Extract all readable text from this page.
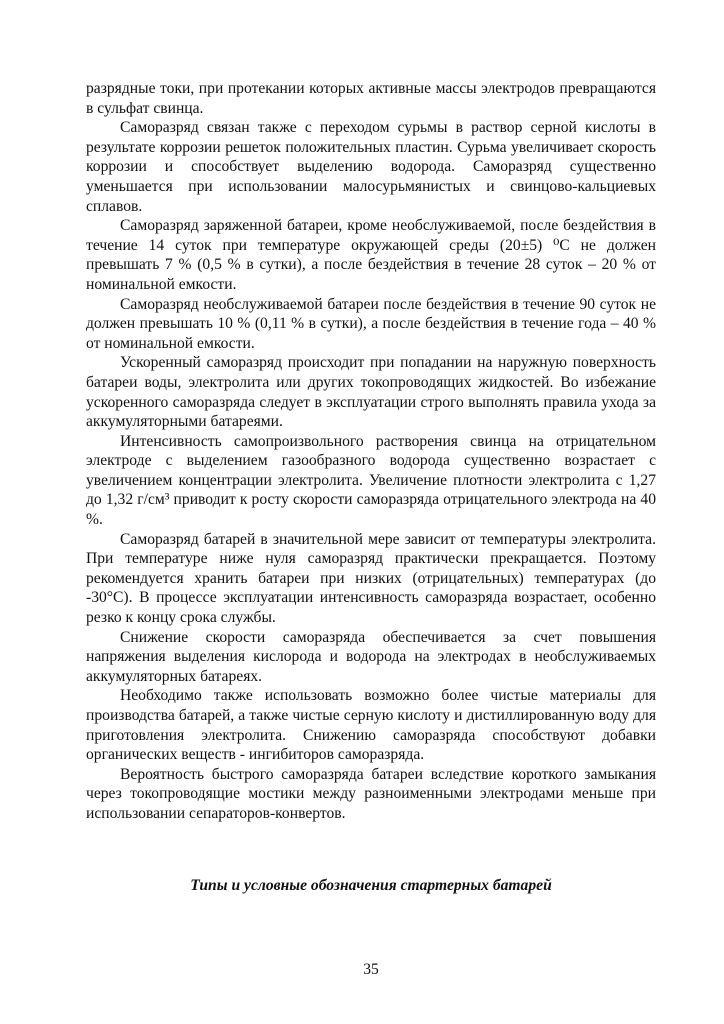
разрядные токи, при протекании которых активные массы электродов превращаются в сульфат свинца.

Саморазряд связан также с переходом сурьмы в раствор серной кислоты в результате коррозии решеток положительных пластин. Сурьма увеличивает скорость коррозии и способствует выделению водорода. Саморазряд существенно уменьшается при использовании малосурьмянистых и свинцово-кальциевых сплавов.

Саморазряд заряженной батареи, кроме необслуживаемой, после бездействия в течение 14 суток при температуре окружающей среды (20±5) ⁰С не должен превышать 7 % (0,5 % в сутки), а после бездействия в течение 28 суток – 20 % от номинальной емкости.

Саморазряд необслуживаемой батареи после бездействия в течение 90 суток не должен превышать 10 % (0,11 % в сутки), а после бездействия в течение года – 40 % от номинальной емкости.

Ускоренный саморазряд происходит при попадании на наружную поверхность батареи воды, электролита или других токопроводящих жидкостей. Во избежание ускоренного саморазряда следует в эксплуатации строго выполнять правила ухода за аккумуляторными батареями.

Интенсивность самопроизвольного растворения свинца на отрицательном электроде с выделением газообразного водорода существенно возрастает с увеличением концентрации электролита. Увеличение плотности электролита с 1,27 до 1,32 г/см³ приводит к росту скорости саморазряда отрицательного электрода на 40 %.

Саморазряд батарей в значительной мере зависит от температуры электролита. При температуре ниже нуля саморазряд практически прекращается. Поэтому рекомендуется хранить батареи при низких (отрицательных) температурах (до -30°С). В процессе эксплуатации интенсивность саморазряда возрастает, особенно резко к концу срока службы.

Снижение скорости саморазряда обеспечивается за счет повышения напряжения выделения кислорода и водорода на электродах в необслуживаемых аккумуляторных батареях.

Необходимо также использовать возможно более чистые материалы для производства батарей, а также чистые серную кислоту и дистиллированную воду для приготовления электролита. Снижению саморазряда способствуют добавки органических веществ - ингибиторов саморазряда.

Вероятность быстрого саморазряда батареи вследствие короткого замыкания через токопроводящие мостики между разноименными электродами меньше при использовании сепараторов-конвертов.

Типы и условные обозначения стартерных батарей

35
